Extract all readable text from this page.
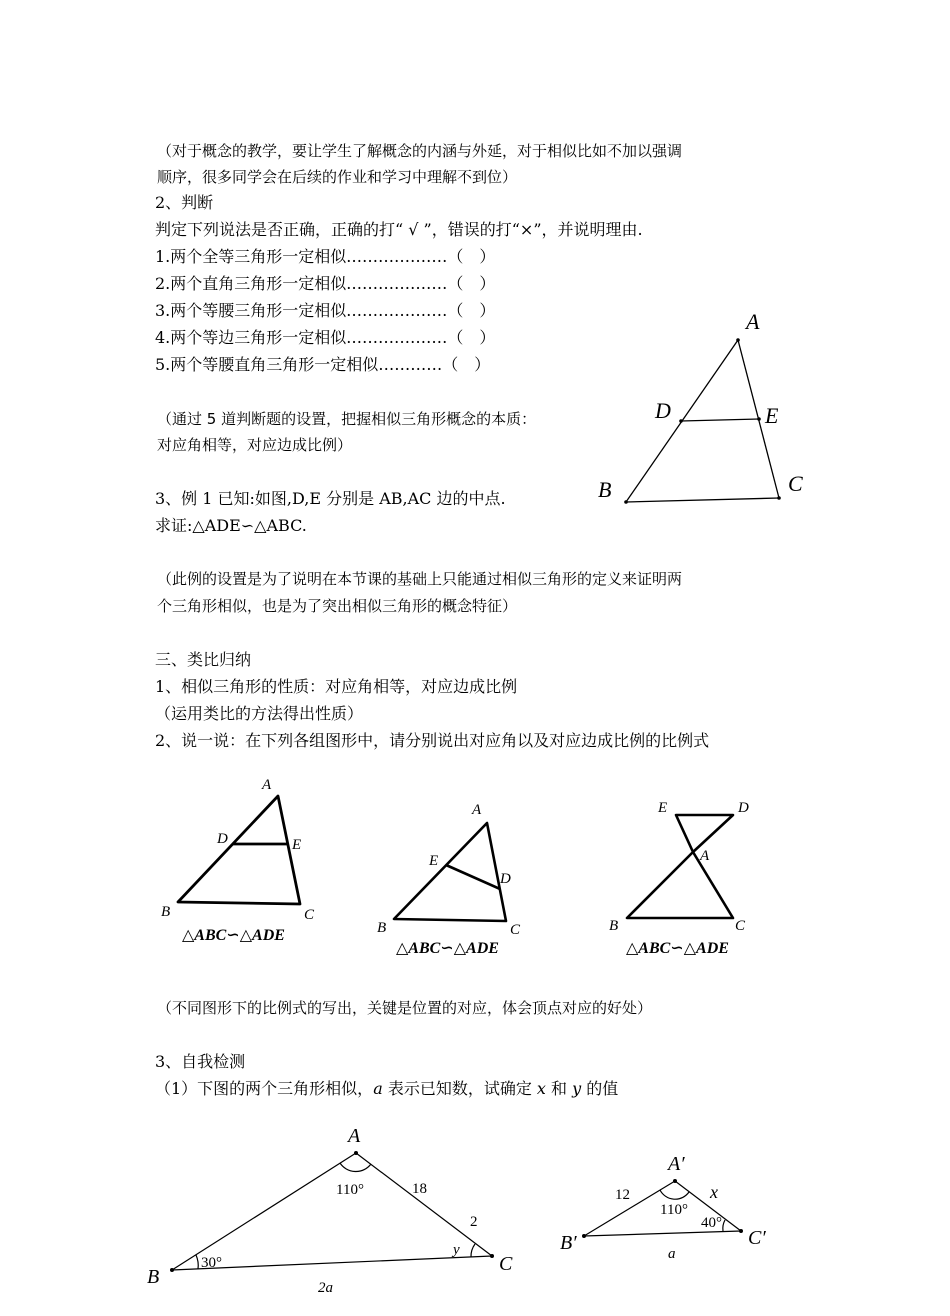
（对于概念的教学，要让学生了解概念的内涵与外延，对于相似比如不加以强调
顺序，很多同学会在后续的作业和学习中理解不到位）
2、判断
判定下列说法是否正确，正确的打“ √ ”，错误的打“×”，并说明理由.
1.两个全等三角形一定相似.………………（　）
2.两个直角三角形一定相似.………………（　）
3.两个等腰三角形一定相似.………………（　）
4.两个等边三角形一定相似.………………（　）
5.两个等腰直角三角形一定相似…………（　）
（通过 5 道判断题的设置，把握相似三角形概念的本质：
对应角相等，对应边成比例）
3、例 1 已知:如图,D,E 分别是 AB,AC 边的中点.
求证:△ADE∽△ABC.
（此例的设置是为了说明在本节课的基础上只能通过相似三角形的定义来证明两
个三角形相似，也是为了突出相似三角形的概念特征）
A
D	E
B	C
三、类比归纳
1、相似三角形的性质：对应角相等，对应边成比例
（运用类比的方法得出性质）
2、说一说：在下列各组图形中，请分别说出对应角以及对应边成比例的比例式
A
D	E
B	C
△ABC∽△ADE
A
E
D
B	C
△ABC∽△ADE
E	D
A
B	C
△ABC∽△ADE
（不同图形下的比例式的写出，关键是位置的对应，体会顶点对应的好处）
3、自我检测
（1）下图的两个三角形相似，a 表示已知数，试确定 x 和 y 的值
A
B
C
110°
30°
y
18
2
2a
A′
B′	C′
110°
40°
12	x
a
